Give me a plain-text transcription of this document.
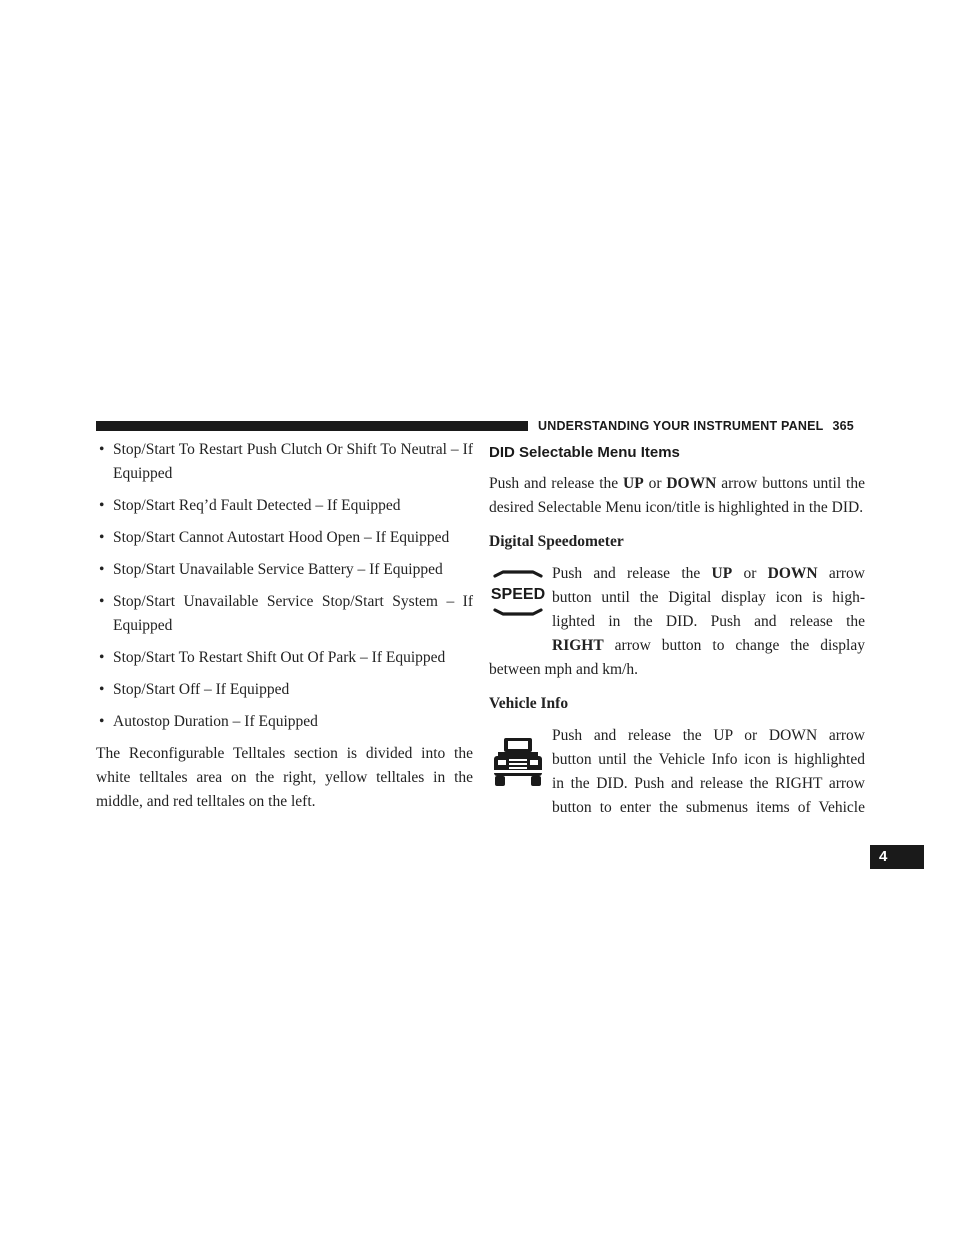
UNDERSTANDING YOUR INSTRUMENT PANEL 365
4
• Stop/Start To Restart Push Clutch Or Shift To Neutral – If Equipped
• Stop/Start Req’d Fault Detected – If Equipped
• Stop/Start Cannot Autostart Hood Open – If Equipped
• Stop/Start Unavailable Service Battery – If Equipped
• Stop/Start Unavailable Service Stop/Start System – If Equipped
• Stop/Start To Restart Shift Out Of Park – If Equipped
• Stop/Start Off – If Equipped
• Autostop Duration – If Equipped

The Reconfigurable Telltales section is divided into the white telltales area on the right, yellow telltales in the middle, and red telltales on the left.

DID Selectable Menu Items

Push and release the UP or DOWN arrow buttons until the desired Selectable Menu icon/title is highlighted in the DID.

Digital Speedometer
SPEED

Push and release the UP or DOWN arrow

button until the Digital display icon is high-

lighted in the DID. Push and release the

RIGHT arrow button to change the display

between mph and km/h.

Vehicle Info

Push and release the UP or DOWN arrow

button until the Vehicle Info icon is highlighted

in the DID. Push and release the RIGHT arrow

button to enter the submenus items of Vehicle
